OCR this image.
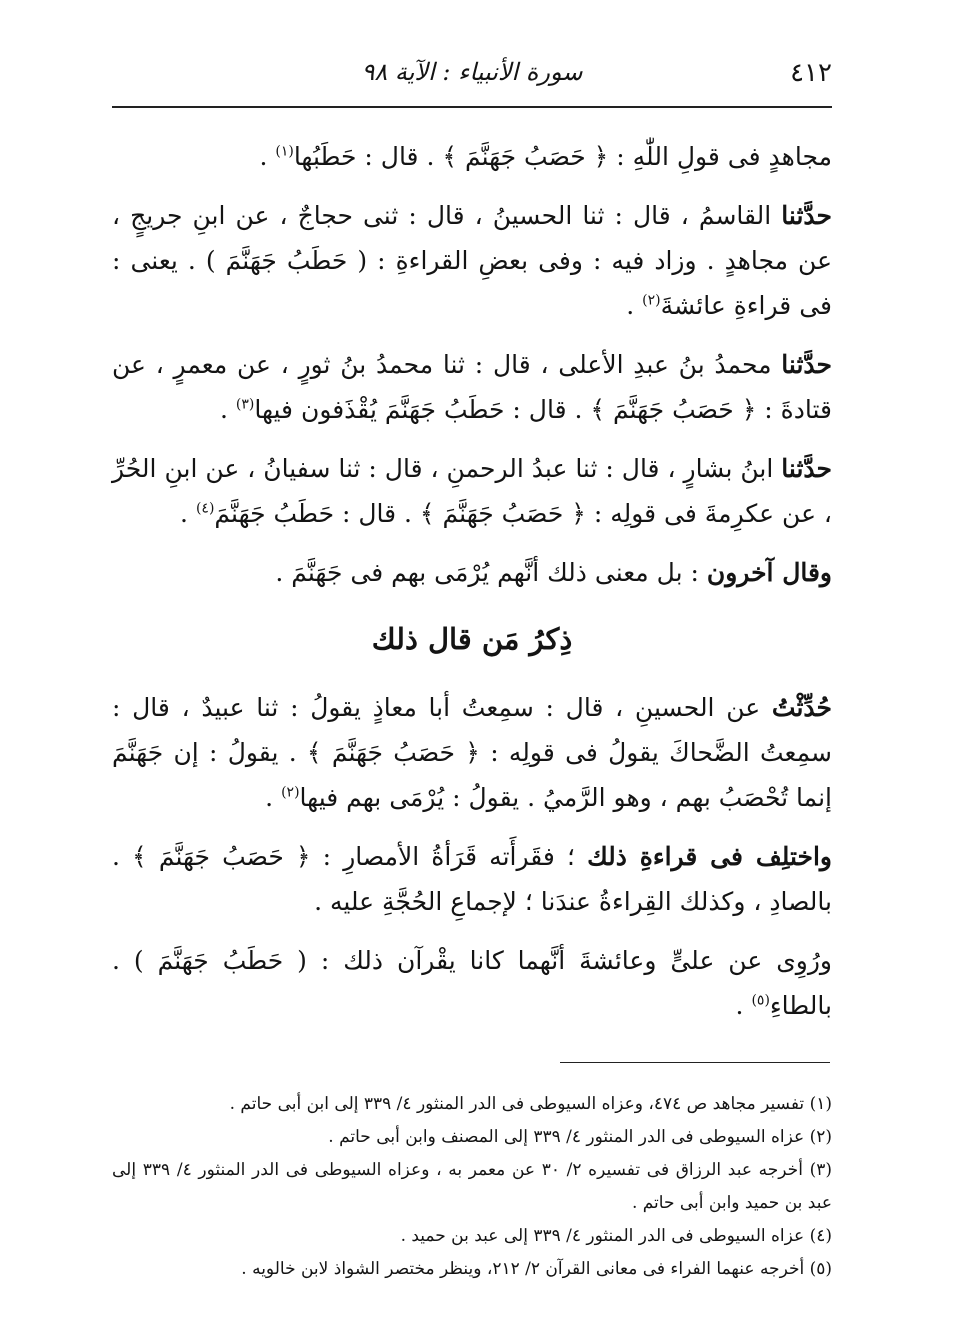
٤١٢
سورة الأنبياء : الآية ٩٨

مجاهدٍ فى قولِ اللّٰهِ : ﴿ حَصَبُ جَهَنَّمَ ﴾ . قال : حَطَبُها$^{(١)}$ .

حدَّثنا القاسمُ ، قال : ثنا الحسينُ ، قال : ثنى حجاجٌ ، عن ابنِ جريجٍ ، عن مجاهدٍ . وزاد فيه : وفى بعضِ القراءةِ : ( حَطَبُ جَهَنَّمَ ) . يعنى : فى قراءةِ عائشةَ$^{(٢)}$ .

حدَّثنا محمدُ بنُ عبدِ الأعلى ، قال : ثنا محمدُ بنُ ثورٍ ، عن معمرٍ ، عن قتادةَ : ﴿ حَصَبُ جَهَنَّمَ ﴾ . قال : حَطَبُ جَهَنَّمَ يُقْذَفون فيها$^{(٣)}$ .

حدَّثنا ابنُ بشارٍ ، قال : ثنا عبدُ الرحمنِ ، قال : ثنا سفيانُ ، عن ابنِ الحُرِّ ، عن عكرِمةَ فى قولِه : ﴿ حَصَبُ جَهَنَّمَ ﴾ . قال : حَطَبُ جَهَنَّمَ$^{(٤)}$ .

وقال آخرون : بل معنى ذلك أنَّهم يُرْمَى بهم فى جَهَنَّمَ .

ذِكرُ مَن قال ذلك

حُدِّثْتُ عن الحسينِ ، قال : سمِعتُ أبا معاذٍ يقولُ : ثنا عبيدٌ ، قال : سمِعتُ الضَّحاكَ يقولُ فى قولِه : ﴿ حَصَبُ جَهَنَّمَ ﴾ . يقولُ : إن جَهَنَّمَ إنما تُحْصَبُ بهم ، وهو الرَّميُ . يقولُ : يُرْمَى بهم فيها$^{(٢)}$ .

واختلِف فى قراءةِ ذلك ؛ فقَرأَته قَرَأةُ الأمصارِ : ﴿ حَصَبُ جَهَنَّمَ ﴾ . بالصادِ ، وكذلك القِراءةُ عندَنا ؛ لإجماعِ الحُجَّةِ عليه .

ورُوِى عن علىٍّ وعائشةَ أنَّهما كانا يقْرآن ذلك : ( حَطَبُ جَهَنَّمَ ) . بالطاءِ$^{(٥)}$ .

(١) تفسير مجاهد ص ٤٧٤، وعزاه السيوطى فى الدر المنثور ٤/ ٣٣٩ إلى ابن أبى حاتم .

(٢) عزاه السيوطى فى الدر المنثور ٤/ ٣٣٩ إلى المصنف وابن أبى حاتم .

(٣) أخرجه عبد الرزاق فى تفسيره ٢/ ٣٠ عن معمر به ، وعزاه السيوطى فى الدر المنثور ٤/ ٣٣٩ إلى عبد بن حميد وابن أبى حاتم .

(٤) عزاه السيوطى فى الدر المنثور ٤/ ٣٣٩ إلى عبد بن حميد .

(٥) أخرجه عنهما الفراء فى معانى القرآن ٢/ ٢١٢، وينظر مختصر الشواذ لابن خالويه .
